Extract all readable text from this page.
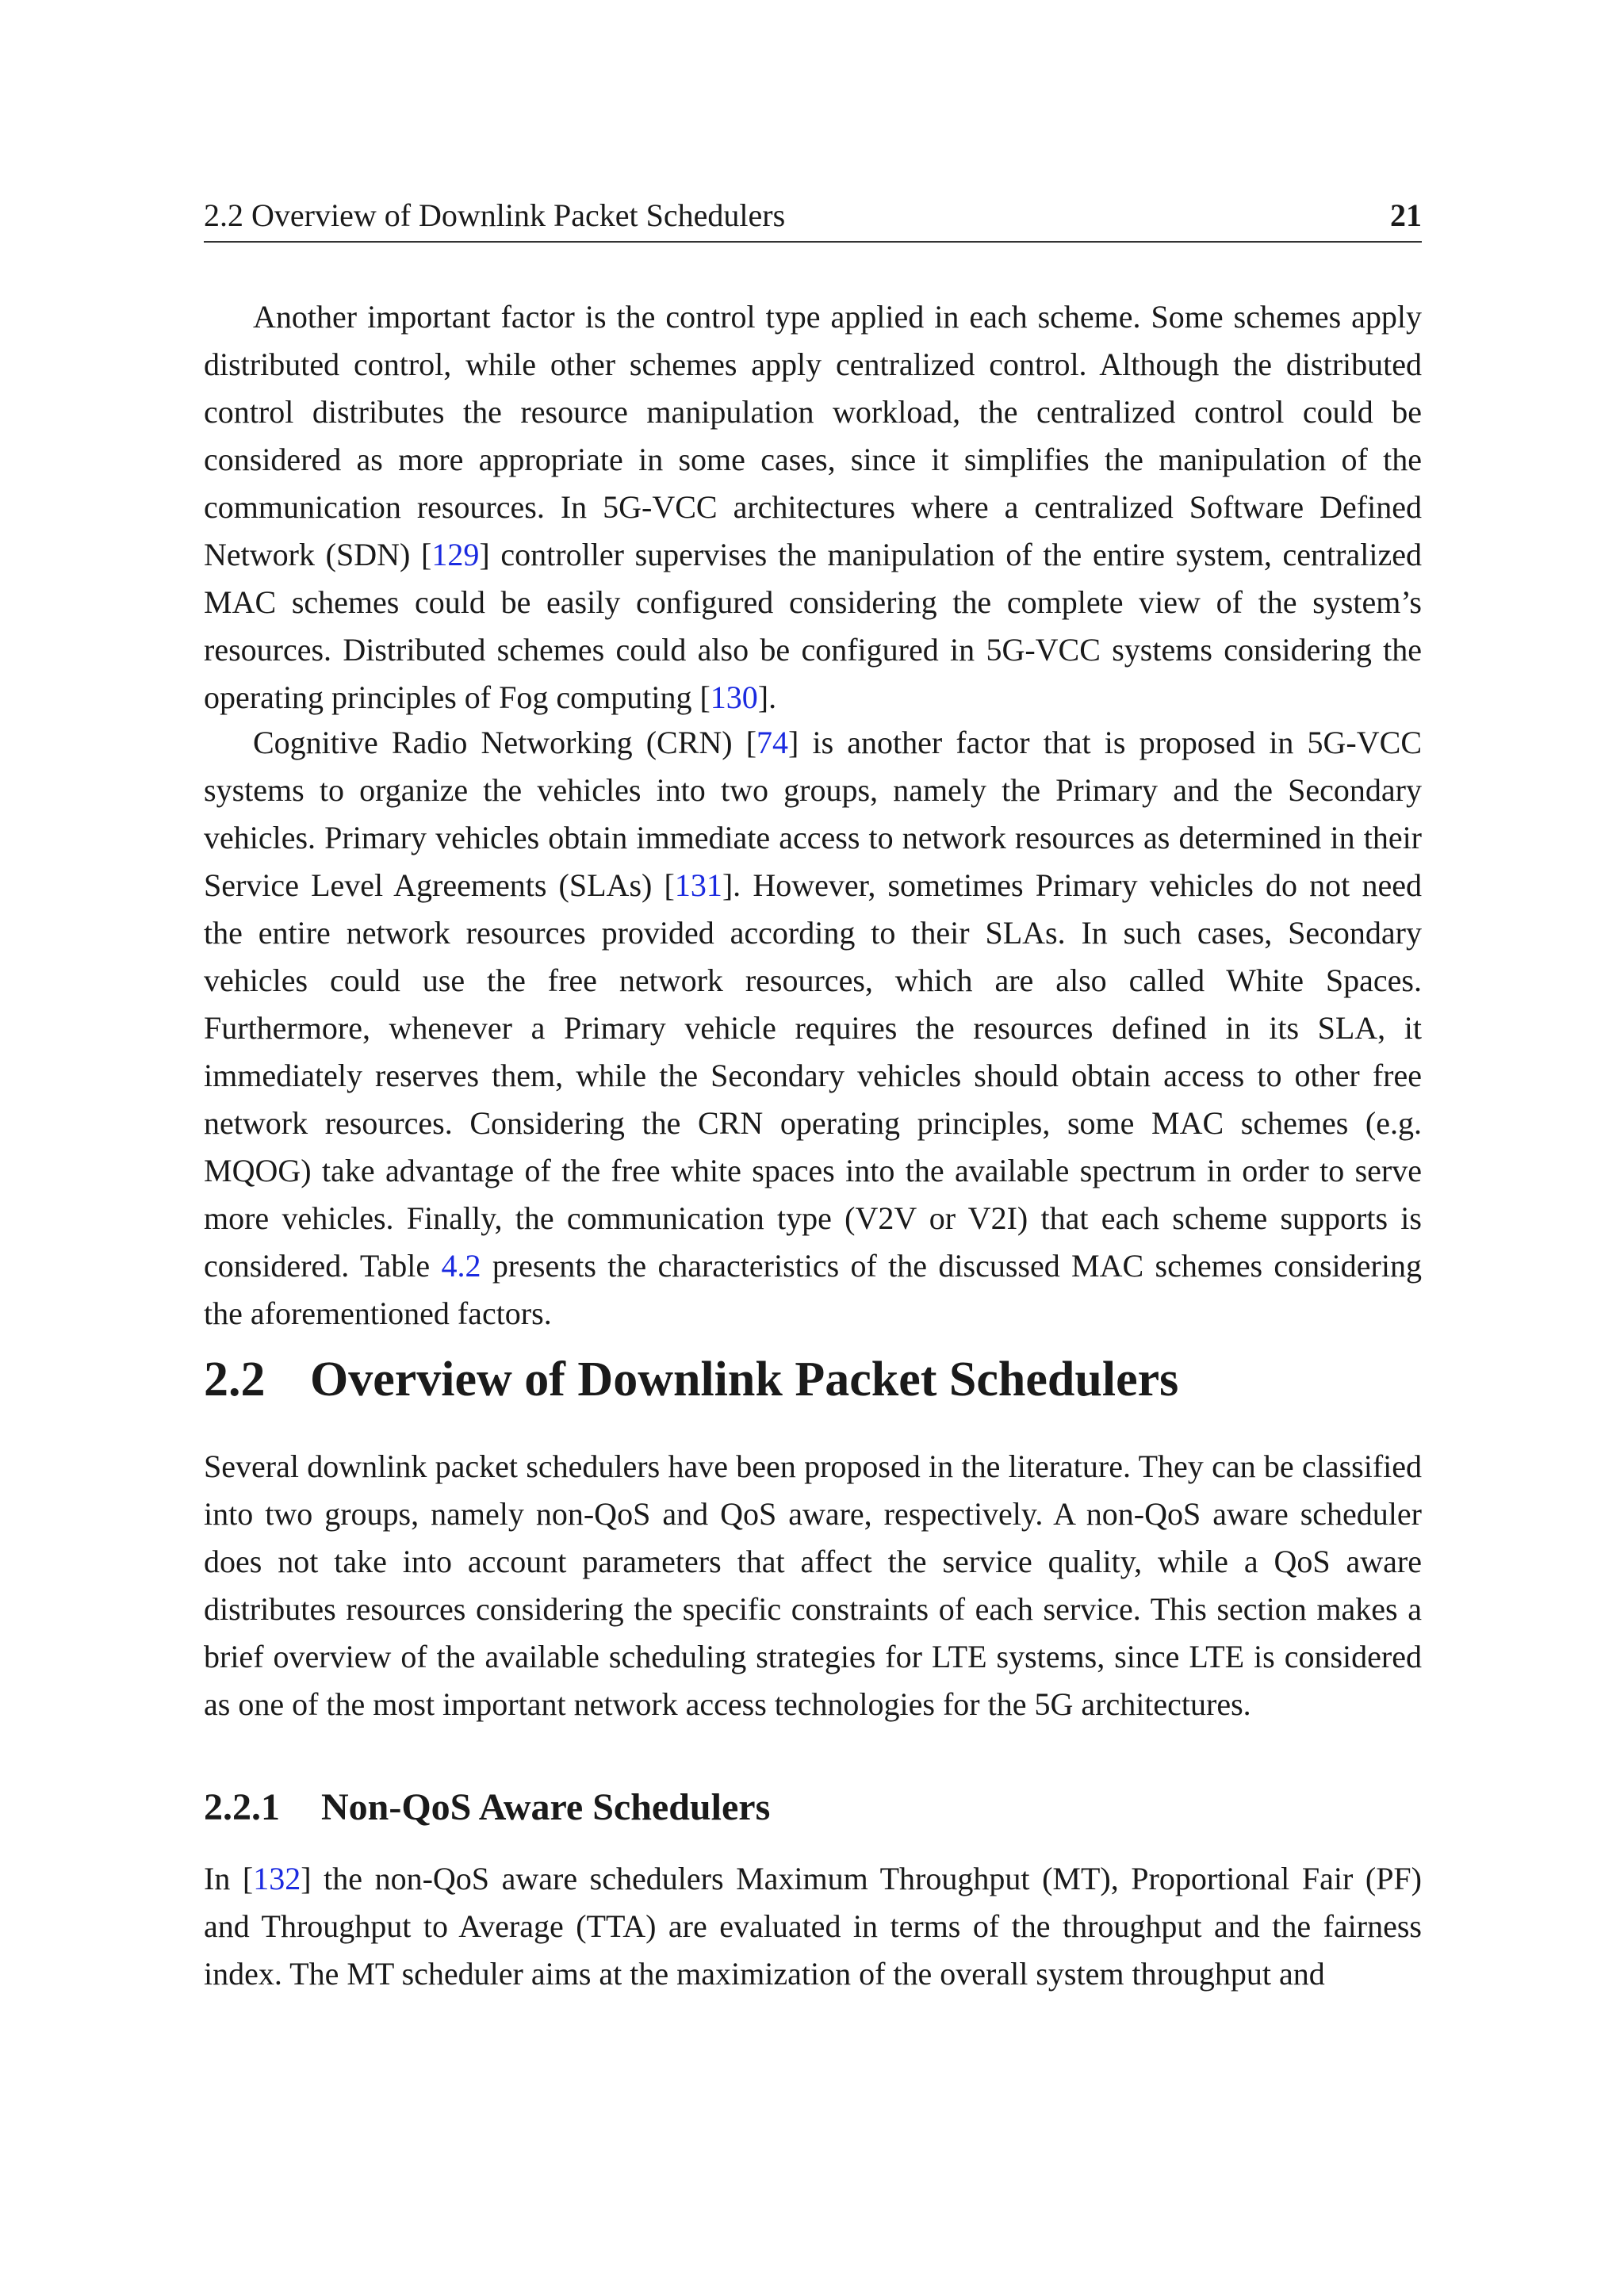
2.2 Overview of Downlink Packet Schedulers	21

Another important factor is the control type applied in each scheme. Some schemes apply distributed control, while other schemes apply centralized control. Although the distributed control distributes the resource manipulation workload, the centralized control could be considered as more appropriate in some cases, since it simplifies the manipulation of the communication resources. In 5G-VCC architectures where a centralized Software Defined Network (SDN) [129] controller supervises the manipulation of the entire system, centralized MAC schemes could be easily configured considering the complete view of the system’s resources. Distributed schemes could also be configured in 5G-VCC systems considering the operating principles of Fog computing [130].

Cognitive Radio Networking (CRN) [74] is another factor that is proposed in 5G-VCC systems to organize the vehicles into two groups, namely the Primary and the Secondary vehicles. Primary vehicles obtain immediate access to network resources as determined in their Service Level Agreements (SLAs) [131]. However, sometimes Primary vehicles do not need the entire network resources provided according to their SLAs. In such cases, Secondary vehicles could use the free network resources, which are also called White Spaces. Furthermore, whenever a Primary vehicle requires the resources defined in its SLA, it immediately reserves them, while the Secondary vehicles should obtain access to other free network resources. Considering the CRN operating principles, some MAC schemes (e.g. MQOG) take advantage of the free white spaces into the available spectrum in order to serve more vehicles. Finally, the communication type (V2V or V2I) that each scheme supports is considered. Table 4.2 presents the characteristics of the discussed MAC schemes considering the aforementioned factors.

2.2 Overview of Downlink Packet Schedulers

Several downlink packet schedulers have been proposed in the literature. They can be classified into two groups, namely non-QoS and QoS aware, respectively. A non-QoS aware scheduler does not take into account parameters that affect the service quality, while a QoS aware distributes resources considering the specific constraints of each service. This section makes a brief overview of the available scheduling strategies for LTE systems, since LTE is considered as one of the most important network access technologies for the 5G architectures.

2.2.1 Non-QoS Aware Schedulers

In [132] the non-QoS aware schedulers Maximum Throughput (MT), Proportional Fair (PF) and Throughput to Average (TTA) are evaluated in terms of the throughput and the fairness index. The MT scheduler aims at the maximization of the overall system throughput and
